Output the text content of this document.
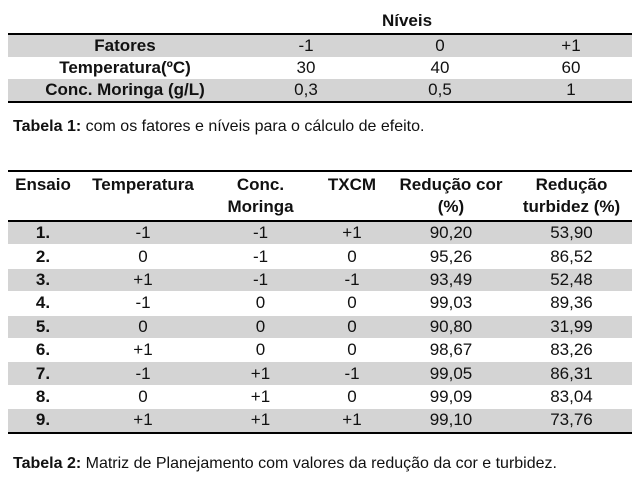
	Níveis		
Fatores	-1	0	+1
Temperatura(ºC)	30	40	60
Conc. Moringa (g/L)	0,3	0,5	1
Tabela 1: com os fatores e níveis para o cálculo de efeito.
Ensaio	Temperatura	Conc. Moringa	TXCM	Redução cor (%)	Redução turbidez (%)
1.	-1	-1	+1	90,20	53,90
2.	0	-1	0	95,26	86,52
3.	+1	-1	-1	93,49	52,48
4.	-1	0	0	99,03	89,36
5.	0	0	0	90,80	31,99
6.	+1	0	0	98,67	83,26
7.	-1	+1	-1	99,05	86,31
8.	0	+1	0	99,09	83,04
9.	+1	+1	+1	99,10	73,76
Tabela 2: Matriz de Planejamento com valores da redução da cor e turbidez.
